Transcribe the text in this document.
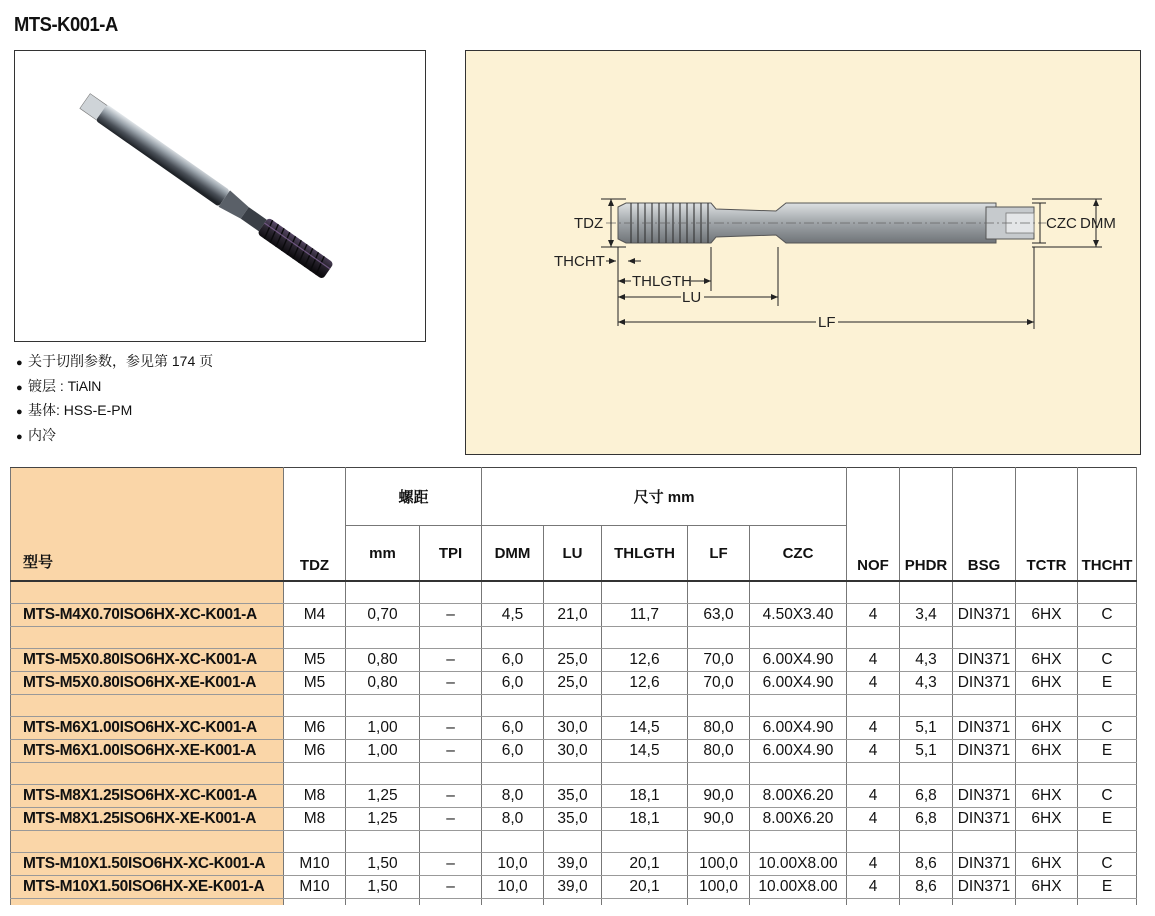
MTS-K001-A
● 关于切削参数，参见第 174 页
● 镀层 : TiAlN
● 基体: HSS-E-PM
● 内冷
TDZ
THCHT
THLGTH
LU
LF
CZC DMM
型号	TDZ	螺距		尺寸 mm					NOF	PHDR	BSG	TCTR	THCHT
		mm	TPI	DMM	LU	THLGTH	LF	CZC					

MTS-M4X0.70ISO6HX-XC-K001-A	M4	0,70	–	4,5	21,0	11,7	63,0	4.50X3.40	4	3,4	DIN371	6HX	C

MTS-M5X0.80ISO6HX-XC-K001-A	M5	0,80	–	6,0	25,0	12,6	70,0	6.00X4.90	4	4,3	DIN371	6HX	C
MTS-M5X0.80ISO6HX-XE-K001-A	M5	0,80	–	6,0	25,0	12,6	70,0	6.00X4.90	4	4,3	DIN371	6HX	E

MTS-M6X1.00ISO6HX-XC-K001-A	M6	1,00	–	6,0	30,0	14,5	80,0	6.00X4.90	4	5,1	DIN371	6HX	C
MTS-M6X1.00ISO6HX-XE-K001-A	M6	1,00	–	6,0	30,0	14,5	80,0	6.00X4.90	4	5,1	DIN371	6HX	E

MTS-M8X1.25ISO6HX-XC-K001-A	M8	1,25	–	8,0	35,0	18,1	90,0	8.00X6.20	4	6,8	DIN371	6HX	C
MTS-M8X1.25ISO6HX-XE-K001-A	M8	1,25	–	8,0	35,0	18,1	90,0	8.00X6.20	4	6,8	DIN371	6HX	E

MTS-M10X1.50ISO6HX-XC-K001-A	M10	1,50	–	10,0	39,0	20,1	100,0	10.00X8.00	4	8,6	DIN371	6HX	C
MTS-M10X1.50ISO6HX-XE-K001-A	M10	1,50	–	10,0	39,0	20,1	100,0	10.00X8.00	4	8,6	DIN371	6HX	E
